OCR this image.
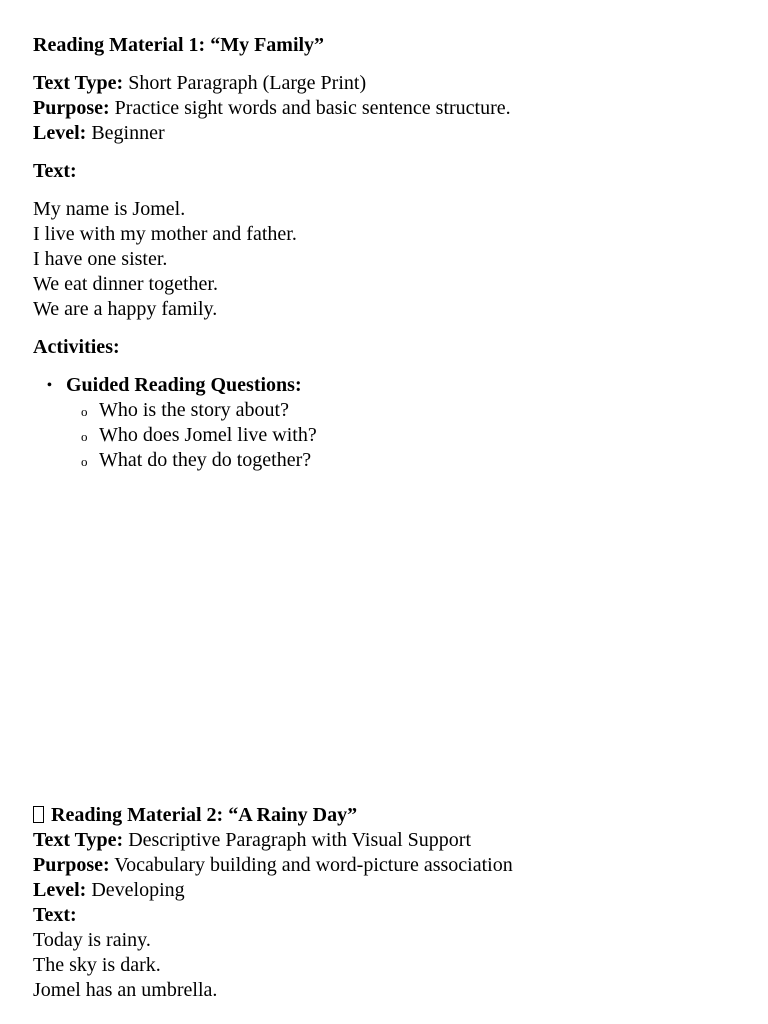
Reading Material 1: “My Family”
Text Type: Short Paragraph (Large Print)
Purpose: Practice sight words and basic sentence structure.
Level: Beginner
Text:
My name is Jomel.
I live with my mother and father.
I have one sister.
We eat dinner together.
We are a happy family.
Activities:
• Guided Reading Questions:
o Who is the story about?
o Who does Jomel live with?
o What do they do together?
Reading Material 2: “A Rainy Day”
Text Type: Descriptive Paragraph with Visual Support
Purpose: Vocabulary building and word-picture association
Level: Developing
Text:
Today is rainy.
The sky is dark.
Jomel has an umbrella.
